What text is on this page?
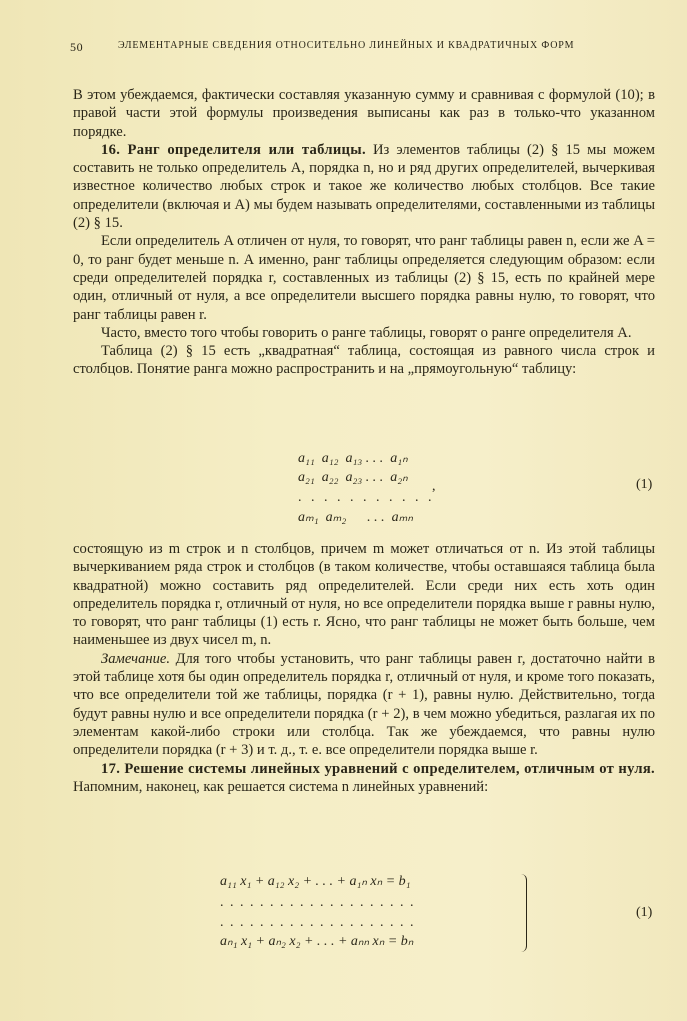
50	ЭЛЕМЕНТАРНЫЕ СВЕДЕНИЯ ОТНОСИТЕЛЬНО ЛИНЕЙНЫХ И КВАДРАТИЧНЫХ ФОРМ

В этом убеждаемся, фактически составляя указанную сумму и сравнивая с формулой (10); в правой части этой формулы произведения выписаны как раз в только-что указанном порядке.

16. Ранг определителя или таблицы. Из элементов таблицы (2) § 15 мы можем составить не только определитель A, порядка n, но и ряд других определителей, вычеркивая известное количество любых строк и такое же количество любых столбцов. Все такие определители (включая и A) мы будем называть определителями, составленными из таблицы (2) § 15.

Если определитель A отличен от нуля, то говорят, что ранг таблицы равен n, если же A = 0, то ранг будет меньше n. А именно, ранг таблицы определяется следующим образом: если среди определителей порядка r, составленных из таблицы (2) § 15, есть по крайней мере один, отличный от нуля, а все определители высшего порядка равны нулю, то говорят, что ранг таблицы равен r.

Часто, вместо того чтобы говорить о ранге таблицы, говорят о ранге определителя A.

Таблица (2) § 15 есть „квадратная“ таблица, состоящая из равного числа строк и столбцов. Понятие ранга можно распространить и на „прямоугольную“ таблицу:

a₁₁  a₁₂  a₁₃ . . .  a₁ₙ
a₂₁  a₂₂  a₂₃ . . .  a₂ₙ
. . . . . . . . . . .
,
aₘ₁  aₘ₂      . . .  aₘₙ
(1)

состоящую из m строк и n столбцов, причем m может отличаться от n. Из этой таблицы вычеркиванием ряда строк и столбцов (в таком количестве, чтобы оставшаяся таблица была квадратной) можно составить ряд определителей. Если среди них есть хоть один определитель порядка r, отличный от нуля, но все определители порядка выше r равны нулю, то говорят, что ранг таблицы (1) есть r. Ясно, что ранг таблицы не может быть больше, чем наименьшее из двух чисел m, n.

Замечание. Для того чтобы установить, что ранг таблицы равен r, достаточно найти в этой таблице хотя бы один определитель порядка r, отличный от нуля, и кроме того показать, что все определители той же таблицы, порядка (r + 1), равны нулю. Действительно, тогда будут равны нулю и все определители порядка (r + 2), в чем можно убедиться, разлагая их по элементам какой-либо строки или столбца. Так же убеждаемся, что равны нулю определители порядка (r + 3) и т. д., т. е. все определители порядка выше r.

17. Решение системы линейных уравнений с определителем, отличным от нуля. Напомним, наконец, как решается система n линейных уравнений:

a₁₁ x₁ + a₁₂ x₂ + . . . + a₁ₙ xₙ = b₁
. . . . . . . . . . . . . . . . . . . .
. . . . . . . . . . . . . . . . . . . .
aₙ₁ x₁ + aₙ₂ x₂ + . . . + aₙₙ xₙ = bₙ
(1)
